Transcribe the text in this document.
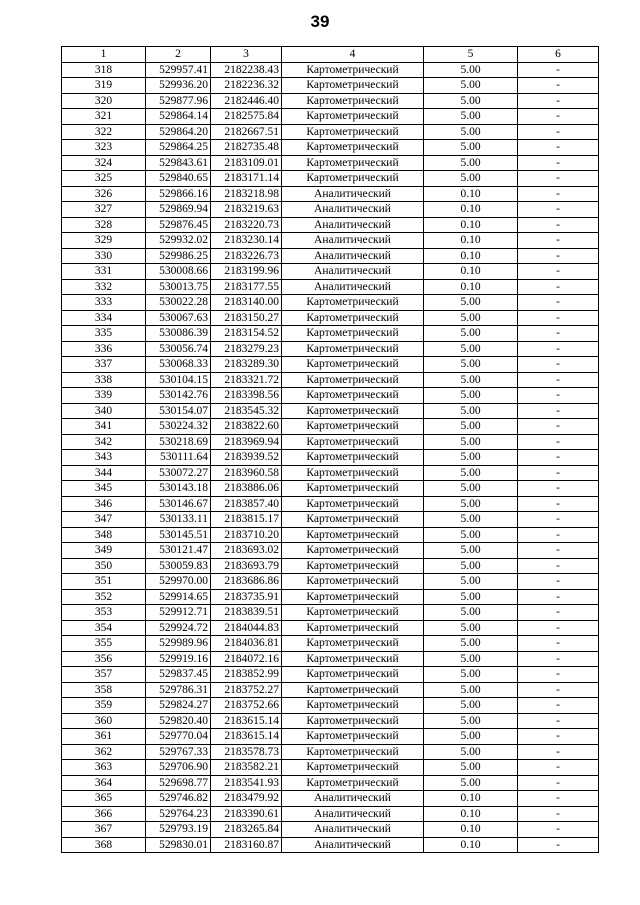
39
1	2	3	4	5	6
318	529957.41	2182238.43	Картометрический	5.00	-
319	529936.20	2182236.32	Картометрический	5.00	-
320	529877.96	2182446.40	Картометрический	5.00	-
321	529864.14	2182575.84	Картометрический	5.00	-
322	529864.20	2182667.51	Картометрический	5.00	-
323	529864.25	2182735.48	Картометрический	5.00	-
324	529843.61	2183109.01	Картометрический	5.00	-
325	529840.65	2183171.14	Картометрический	5.00	-
326	529866.16	2183218.98	Аналитический	0.10	-
327	529869.94	2183219.63	Аналитический	0.10	-
328	529876.45	2183220.73	Аналитический	0.10	-
329	529932.02	2183230.14	Аналитический	0.10	-
330	529986.25	2183226.73	Аналитический	0.10	-
331	530008.66	2183199.96	Аналитический	0.10	-
332	530013.75	2183177.55	Аналитический	0.10	-
333	530022.28	2183140.00	Картометрический	5.00	-
334	530067.63	2183150.27	Картометрический	5.00	-
335	530086.39	2183154.52	Картометрический	5.00	-
336	530056.74	2183279.23	Картометрический	5.00	-
337	530068.33	2183289.30	Картометрический	5.00	-
338	530104.15	2183321.72	Картометрический	5.00	-
339	530142.76	2183398.56	Картометрический	5.00	-
340	530154.07	2183545.32	Картометрический	5.00	-
341	530224.32	2183822.60	Картометрический	5.00	-
342	530218.69	2183969.94	Картометрический	5.00	-
343	530111.64	2183939.52	Картометрический	5.00	-
344	530072.27	2183960.58	Картометрический	5.00	-
345	530143.18	2183886.06	Картометрический	5.00	-
346	530146.67	2183857.40	Картометрический	5.00	-
347	530133.11	2183815.17	Картометрический	5.00	-
348	530145.51	2183710.20	Картометрический	5.00	-
349	530121.47	2183693.02	Картометрический	5.00	-
350	530059.83	2183693.79	Картометрический	5.00	-
351	529970.00	2183686.86	Картометрический	5.00	-
352	529914.65	2183735.91	Картометрический	5.00	-
353	529912.71	2183839.51	Картометрический	5.00	-
354	529924.72	2184044.83	Картометрический	5.00	-
355	529989.96	2184036.81	Картометрический	5.00	-
356	529919.16	2184072.16	Картометрический	5.00	-
357	529837.45	2183852.99	Картометрический	5.00	-
358	529786.31	2183752.27	Картометрический	5.00	-
359	529824.27	2183752.66	Картометрический	5.00	-
360	529820.40	2183615.14	Картометрический	5.00	-
361	529770.04	2183615.14	Картометрический	5.00	-
362	529767.33	2183578.73	Картометрический	5.00	-
363	529706.90	2183582.21	Картометрический	5.00	-
364	529698.77	2183541.93	Картометрический	5.00	-
365	529746.82	2183479.92	Аналитический	0.10	-
366	529764.23	2183390.61	Аналитический	0.10	-
367	529793.19	2183265.84	Аналитический	0.10	-
368	529830.01	2183160.87	Аналитический	0.10	-
